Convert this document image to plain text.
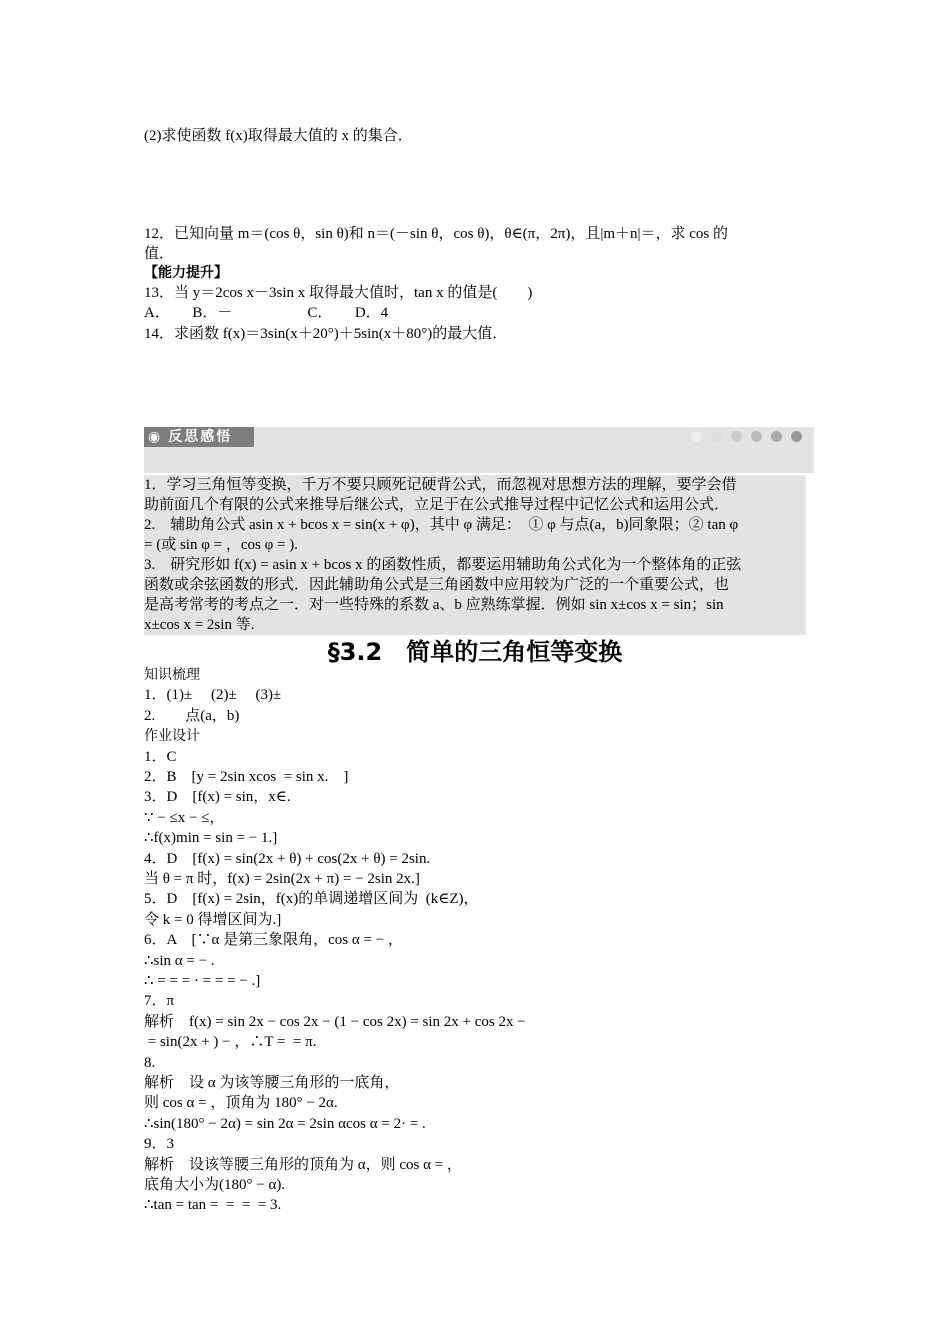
(2)求使函数 f(x)取得最大值的 x 的集合．
12．已知向量 m＝(cos θ，sin θ)和 n＝(－sin θ，cos θ)，θ∈(π，2π)，且|m＋n|＝，求 cos 的
值．
【能力提升】
13．当 y＝2cos x－3sin x 取得最大值时，tan x 的值是(　　)
A．　　B．－　　　　　C．　　D．4
14．求函数 f(x)＝3sin(x＋20°)＋5sin(x＋80°)的最大值．
◉ 反思感悟
1．学习三角恒等变换，千万不要只顾死记硬背公式，而忽视对思想方法的理解，要学会借
助前面几个有限的公式来推导后继公式，立足于在公式推导过程中记忆公式和运用公式．
2.　辅助角公式 asin x + bcos x = sin(x + φ)，其中 φ 满足：　① φ 与点(a，b)同象限；② tan φ
= (或 sin φ = ，cos φ = ).
3.　研究形如 f(x) = asin x + bcos x 的函数性质，都要运用辅助角公式化为一个整体角的正弦
函数或余弦函数的形式．因此辅助角公式是三角函数中应用较为广泛的一个重要公式，也
是高考常考的考点之一．对一些特殊的系数 a、b 应熟练掌握．例如 sin x±cos x = sin；sin
x±cos x = 2sin 等.
§3.2　简单的三角恒等变换
知识梳理
1．(1)±　 (2)±　 (3)±
2.　　点(a，b)
作业设计
1．C
2．B　[y = 2sin xcos  = sin x.　]
3．D　[f(x) = sin，x∈.
∵ − ≤x − ≤，
∴f(x)min = sin = − 1.]
4．D　[f(x) = sin(2x + θ) + cos(2x + θ) = 2sin.
当 θ = π 时，f(x) = 2sin(2x + π) = − 2sin 2x.]
5．D　[f(x) = 2sin，f(x)的单调递增区间为  (k∈Z)，
令 k = 0 得增区间为.]
6．A　[∵α 是第三象限角，cos α = − ，
∴sin α = − .
∴ = = = · = = = − .]
7．π
解析　f(x) = sin 2x − cos 2x − (1 − cos 2x) = sin 2x + cos 2x −
= sin(2x + ) − ，∴T =  = π.
8.
解析　设 α 为该等腰三角形的一底角，
则 cos α = ，顶角为 180° − 2α.
∴sin(180° − 2α) = sin 2α = 2sin αcos α = 2· = .
9．3
解析　设该等腰三角形的顶角为 α，则 cos α = ，
底角大小为(180° − α).
∴tan = tan =  =  =  = 3.
